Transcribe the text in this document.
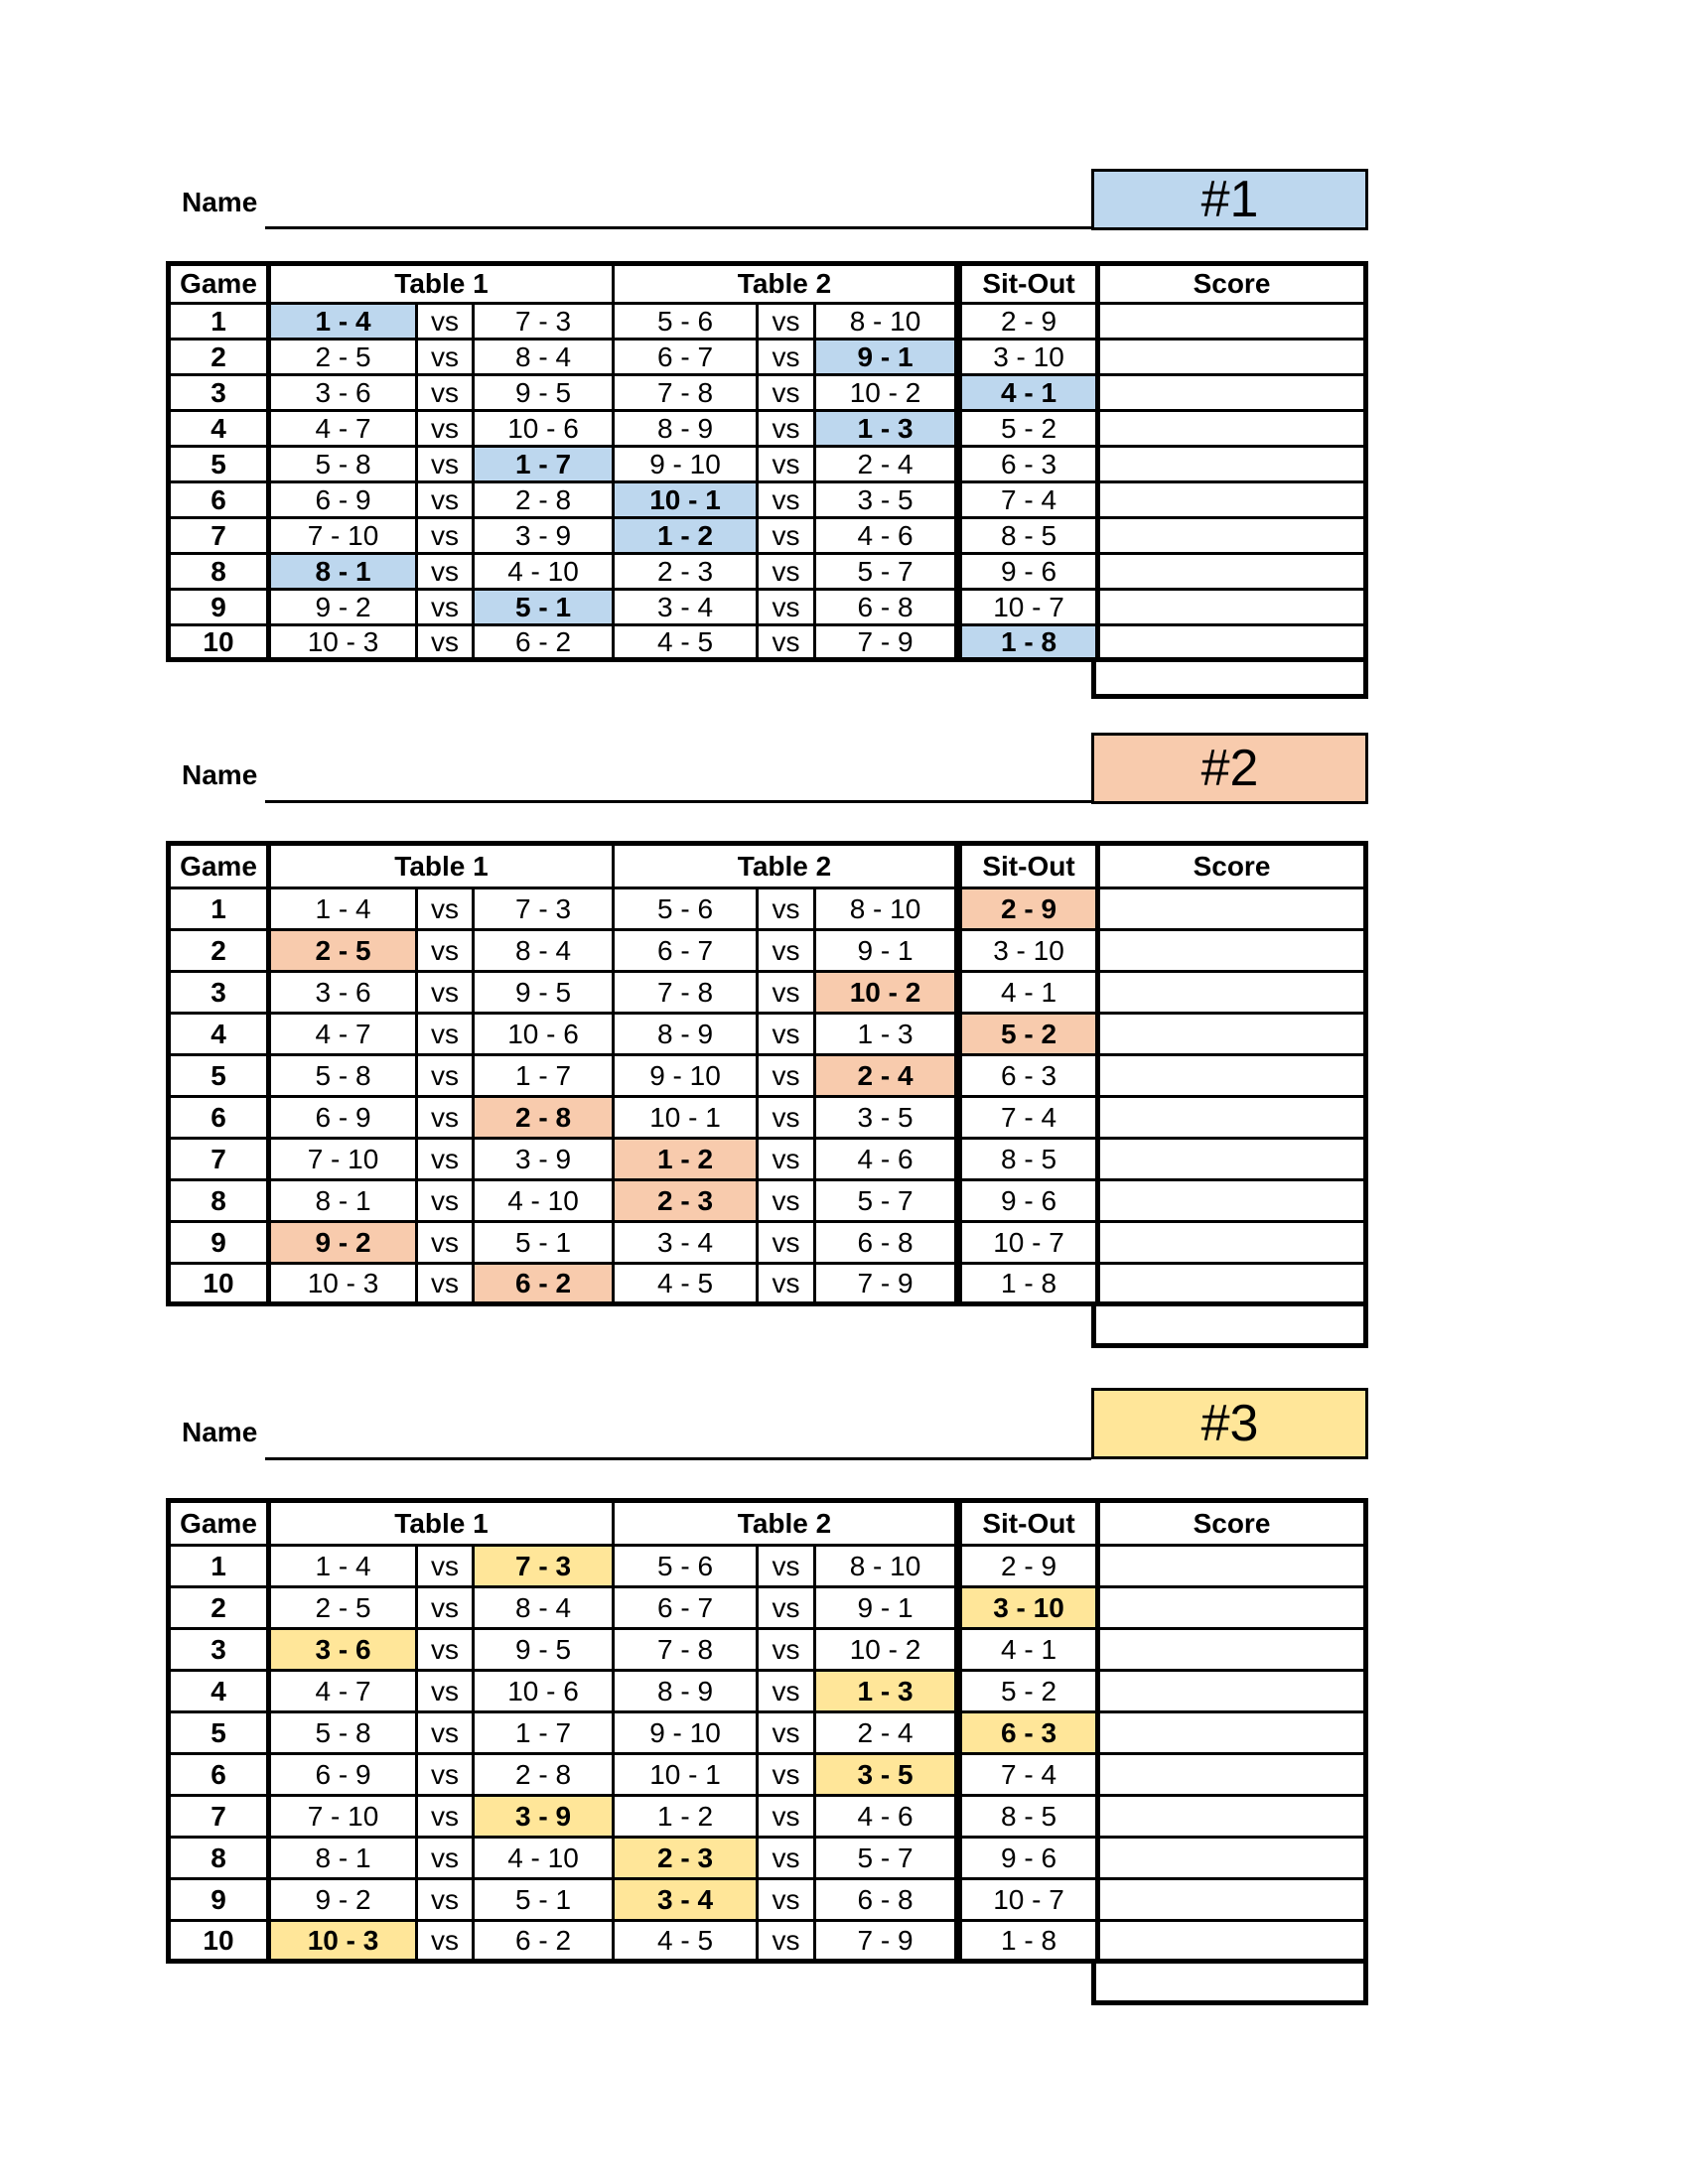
Name	#1
Game	Table 1	Table 2	Sit-Out	Score
1	1 - 4	vs	7 - 3	5 - 6	vs	8 - 10	2 - 9
2	2 - 5	vs	8 - 4	6 - 7	vs	9 - 1	3 - 10
3	3 - 6	vs	9 - 5	7 - 8	vs	10 - 2	4 - 1
4	4 - 7	vs	10 - 6	8 - 9	vs	1 - 3	5 - 2
5	5 - 8	vs	1 - 7	9 - 10	vs	2 - 4	6 - 3
6	6 - 9	vs	2 - 8	10 - 1	vs	3 - 5	7 - 4
7	7 - 10	vs	3 - 9	1 - 2	vs	4 - 6	8 - 5
8	8 - 1	vs	4 - 10	2 - 3	vs	5 - 7	9 - 6
9	9 - 2	vs	5 - 1	3 - 4	vs	6 - 8	10 - 7
10	10 - 3	vs	6 - 2	4 - 5	vs	7 - 9	1 - 8
Name	#2
Game	Table 1	Table 2	Sit-Out	Score
1	1 - 4	vs	7 - 3	5 - 6	vs	8 - 10	2 - 9
2	2 - 5	vs	8 - 4	6 - 7	vs	9 - 1	3 - 10
3	3 - 6	vs	9 - 5	7 - 8	vs	10 - 2	4 - 1
4	4 - 7	vs	10 - 6	8 - 9	vs	1 - 3	5 - 2
5	5 - 8	vs	1 - 7	9 - 10	vs	2 - 4	6 - 3
6	6 - 9	vs	2 - 8	10 - 1	vs	3 - 5	7 - 4
7	7 - 10	vs	3 - 9	1 - 2	vs	4 - 6	8 - 5
8	8 - 1	vs	4 - 10	2 - 3	vs	5 - 7	9 - 6
9	9 - 2	vs	5 - 1	3 - 4	vs	6 - 8	10 - 7
10	10 - 3	vs	6 - 2	4 - 5	vs	7 - 9	1 - 8
Name	#3
Game	Table 1	Table 2	Sit-Out	Score
1	1 - 4	vs	7 - 3	5 - 6	vs	8 - 10	2 - 9
2	2 - 5	vs	8 - 4	6 - 7	vs	9 - 1	3 - 10
3	3 - 6	vs	9 - 5	7 - 8	vs	10 - 2	4 - 1
4	4 - 7	vs	10 - 6	8 - 9	vs	1 - 3	5 - 2
5	5 - 8	vs	1 - 7	9 - 10	vs	2 - 4	6 - 3
6	6 - 9	vs	2 - 8	10 - 1	vs	3 - 5	7 - 4
7	7 - 10	vs	3 - 9	1 - 2	vs	4 - 6	8 - 5
8	8 - 1	vs	4 - 10	2 - 3	vs	5 - 7	9 - 6
9	9 - 2	vs	5 - 1	3 - 4	vs	6 - 8	10 - 7
10	10 - 3	vs	6 - 2	4 - 5	vs	7 - 9	1 - 8
